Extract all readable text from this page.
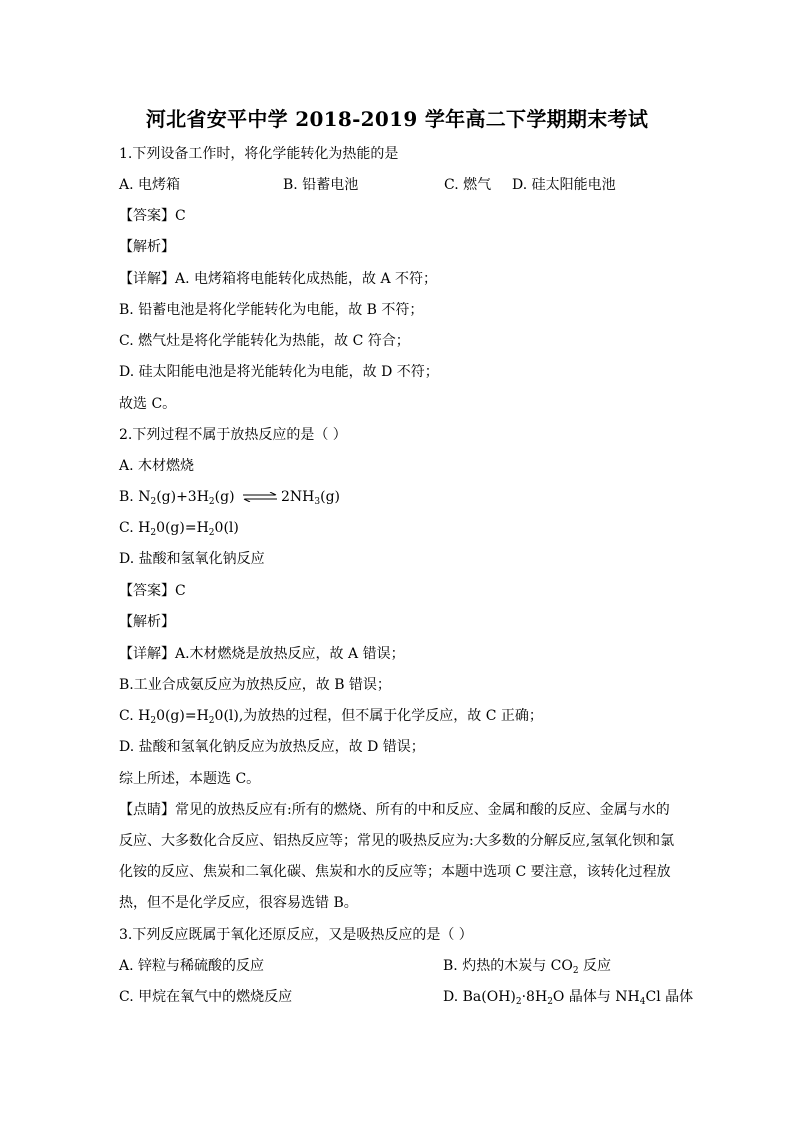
河北省安平中学 2018-2019 学年高二下学期期末考试
1.下列设备工作时，将化学能转化为热能的是
A. 电烤箱	B. 铅蓄电池	C. 燃气 D. 硅太阳能电池
【答案】C
【解析】
【详解】A. 电烤箱将电能转化成热能，故 A 不符；
B. 铅蓄电池是将化学能转化为电能，故 B 不符；
C. 燃气灶是将化学能转化为热能，故 C 符合；
D. 硅太阳能电池是将光能转化为电能，故 D 不符；
故选 C。
2.下列过程不属于放热反应的是（ ）
A. 木材燃烧
B. $N_2(g)+3H_2(g)$ ⇌ $2NH_3(g)$
C. $H_20(g)=H_20(l)$
D. 盐酸和氢氧化钠反应
【答案】C
【解析】
【详解】A.木材燃烧是放热反应，故 A 错误；
B.工业合成氨反应为放热反应，故 B 错误；
C. $H_20(g)=H_20(l)$,为放热的过程，但不属于化学反应，故 C 正确；
D. 盐酸和氢氧化钠反应为放热反应，故 D 错误；
综上所述，本题选 C。
【点睛】常见的放热反应有:所有的燃烧、所有的中和反应、金属和酸的反应、金属与水的
反应、大多数化合反应、铝热反应等；常见的吸热反应为:大多数的分解反应,氢氧化钡和氯
化铵的反应、焦炭和二氧化碳、焦炭和水的反应等；本题中选项 C 要注意，该转化过程放
热，但不是化学反应，很容易选错 B。
3.下列反应既属于氧化还原反应，又是吸热反应的是（ ）
A. 锌粒与稀硫酸的反应	B. 灼热的木炭与 $CO_2$ 反应
C. 甲烷在氧气中的燃烧反应	D. $Ba(OH)_2\cdot 8H_2O$ 晶体与 $NH_4Cl$ 晶体
